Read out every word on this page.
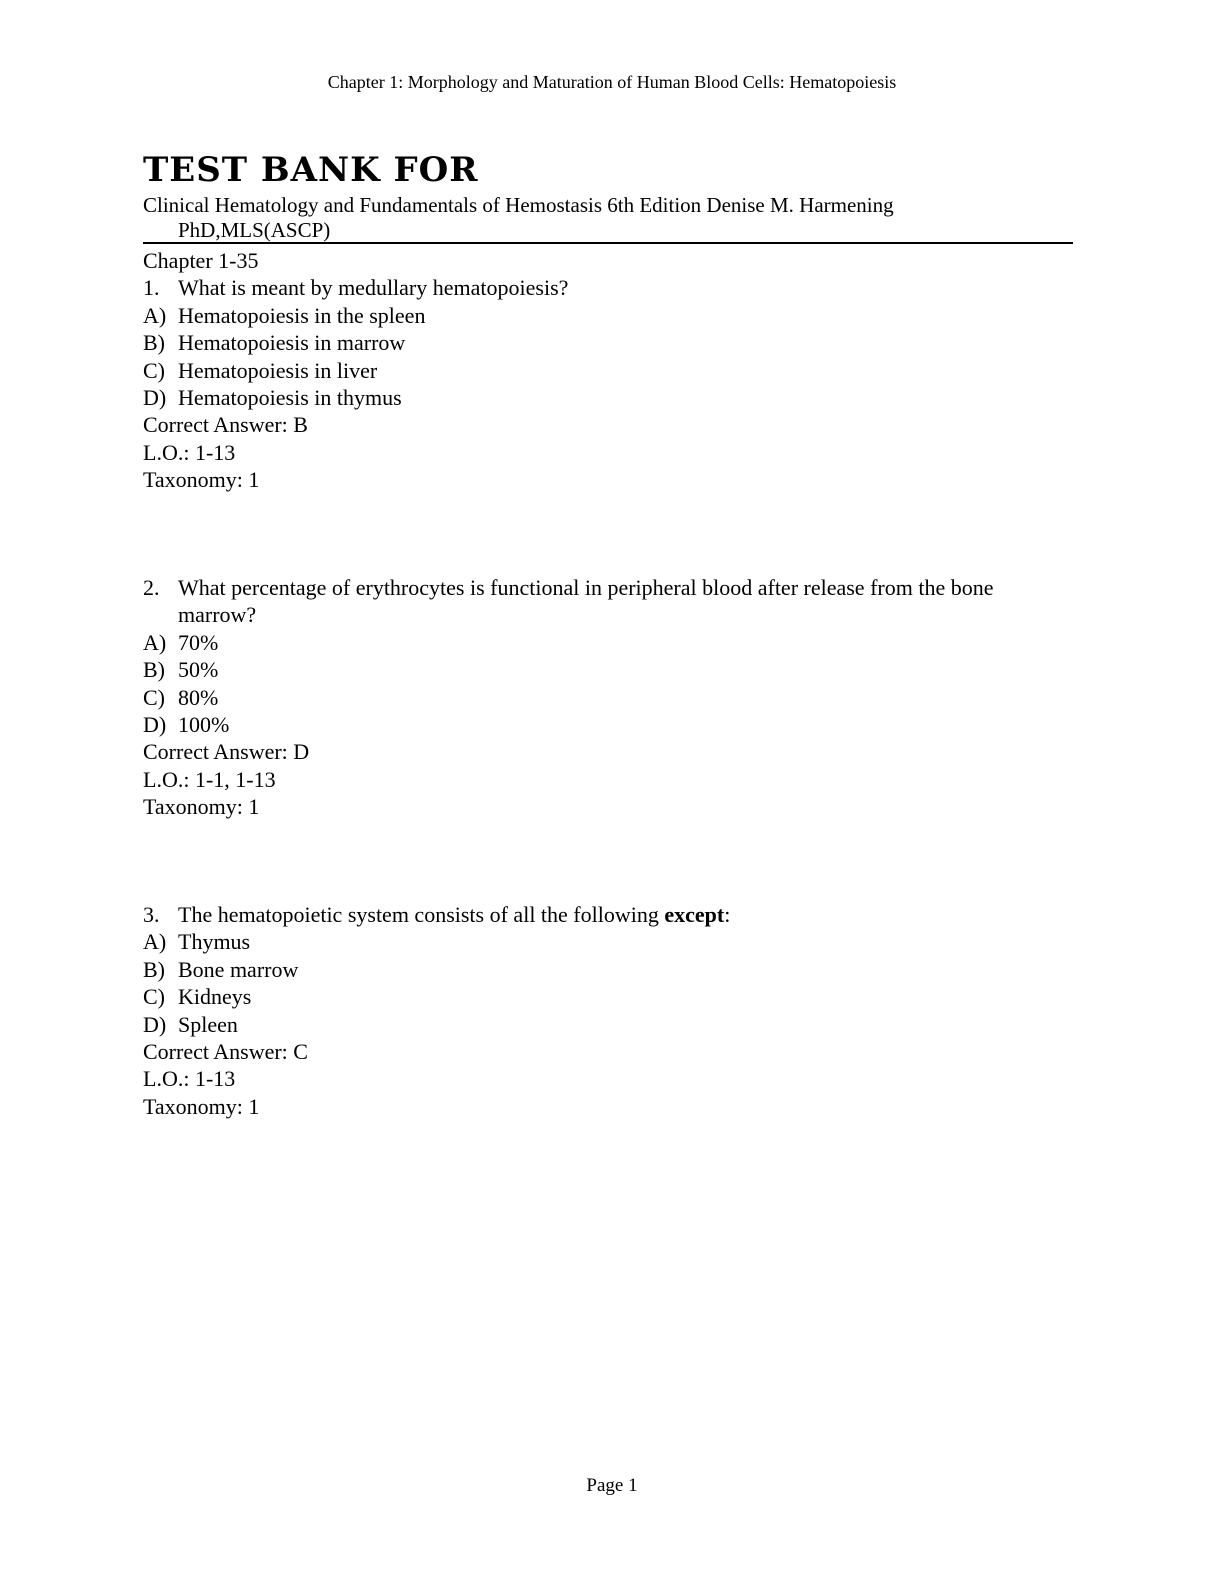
Chapter 1: Morphology and Maturation of Human Blood Cells: Hematopoiesis
TEST BANK FOR
Clinical Hematology and Fundamentals of Hemostasis 6th Edition Denise M. Harmening
PhD,MLS(ASCP)
Chapter 1-35
1. What is meant by medullary hematopoiesis?
A) Hematopoiesis in the spleen
B) Hematopoiesis in marrow
C) Hematopoiesis in liver
D) Hematopoiesis in thymus
Correct Answer: B
L.O.: 1-13
Taxonomy: 1
2. What percentage of erythrocytes is functional in peripheral blood after release from the bone marrow?
A) 70%
B) 50%
C) 80%
D) 100%
Correct Answer: D
L.O.: 1-1, 1-13
Taxonomy: 1
3. The hematopoietic system consists of all the following except:
A) Thymus
B) Bone marrow
C) Kidneys
D) Spleen
Correct Answer: C
L.O.: 1-13
Taxonomy: 1
Page 1
